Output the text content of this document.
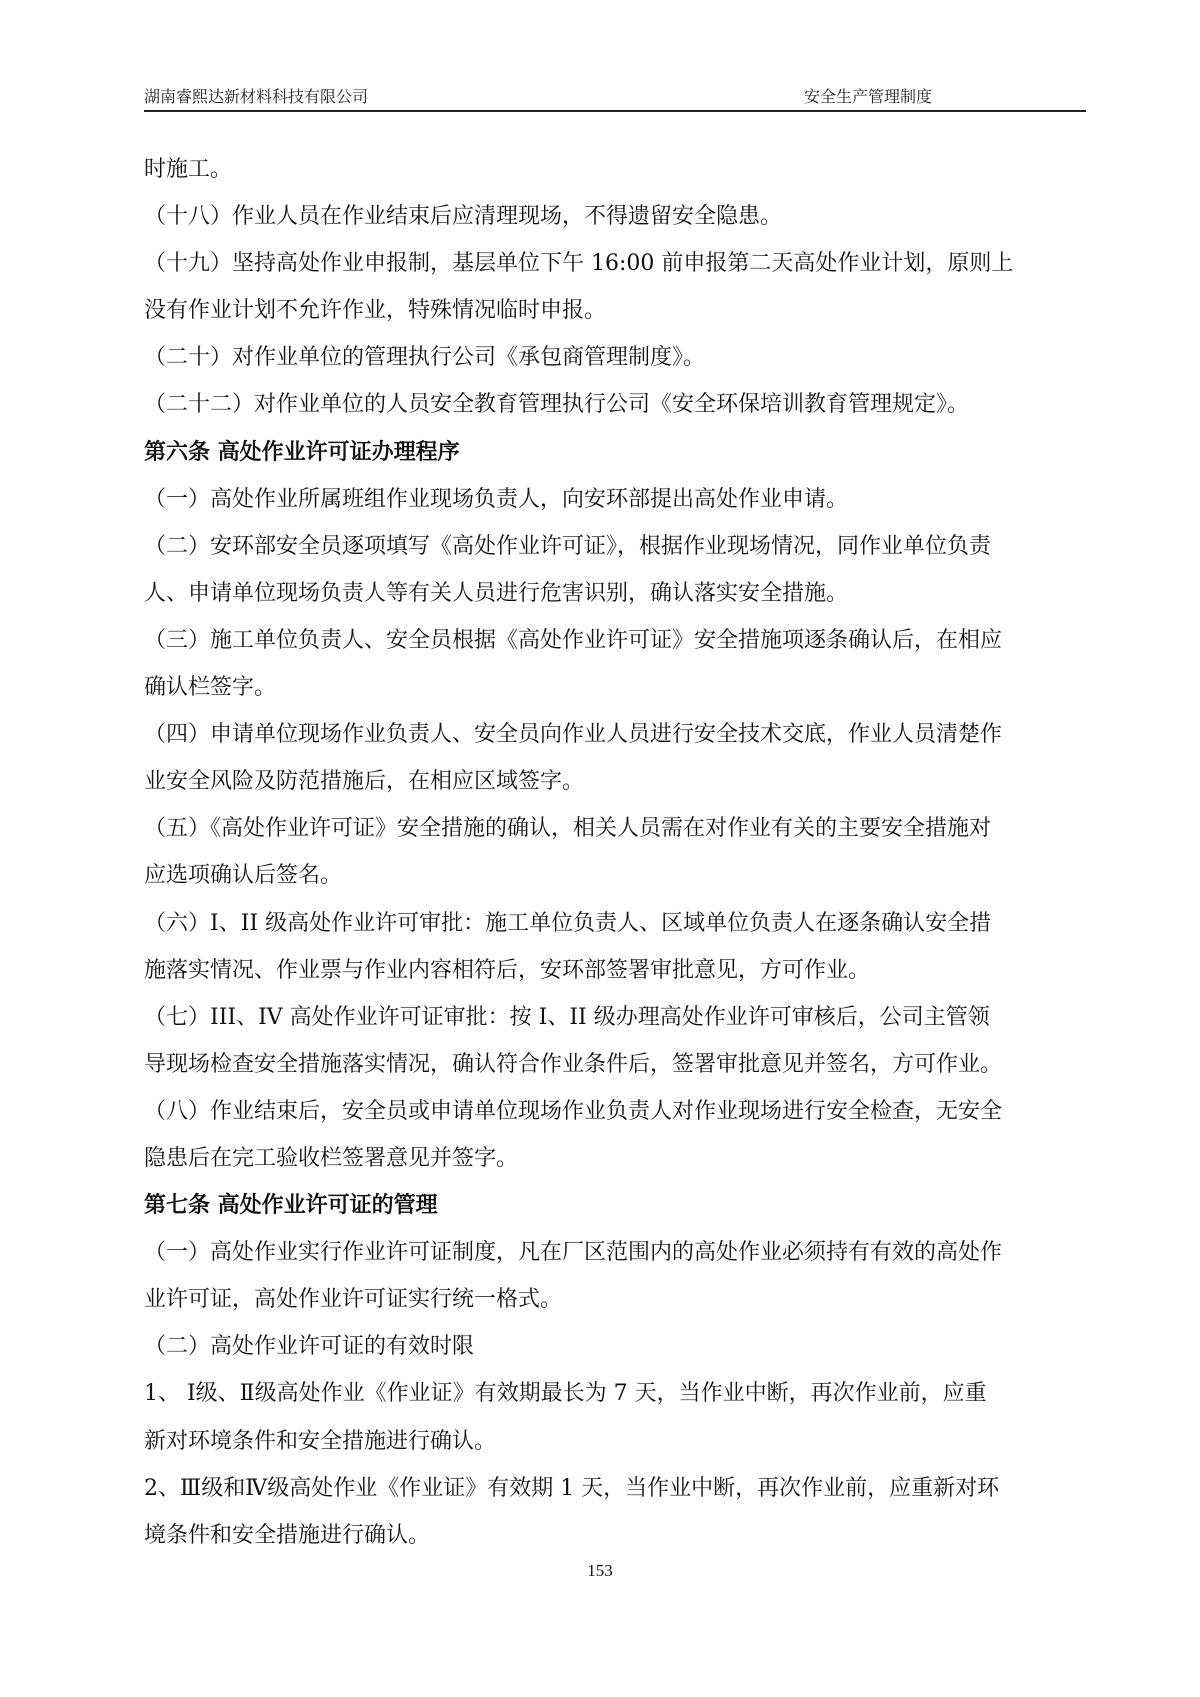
湖南睿熙达新材料科技有限公司	安全生产管理制度
时施工。
（十八）作业人员在作业结束后应清理现场，不得遗留安全隐患。
（十九）坚持高处作业申报制，基层单位下午 16:00 前申报第二天高处作业计划，原则上
没有作业计划不允许作业，特殊情况临时申报。
（二十）对作业单位的管理执行公司《承包商管理制度》。
（二十二）对作业单位的人员安全教育管理执行公司《安全环保培训教育管理规定》。
第六条 高处作业许可证办理程序
（一）高处作业所属班组作业现场负责人，向安环部提出高处作业申请。
（二）安环部安全员逐项填写《高处作业许可证》，根据作业现场情况，同作业单位负责
人、申请单位现场负责人等有关人员进行危害识别，确认落实安全措施。
（三）施工单位负责人、安全员根据《高处作业许可证》安全措施项逐条确认后，在相应
确认栏签字。
（四）申请单位现场作业负责人、安全员向作业人员进行安全技术交底，作业人员清楚作
业安全风险及防范措施后，在相应区域签字。
（五）《高处作业许可证》安全措施的确认，相关人员需在对作业有关的主要安全措施对
应选项确认后签名。
（六）I、II 级高处作业许可审批：施工单位负责人、区域单位负责人在逐条确认安全措
施落实情况、作业票与作业内容相符后，安环部签署审批意见，方可作业。
（七）III、IV 高处作业许可证审批：按 I、II 级办理高处作业许可审核后，公司主管领
导现场检查安全措施落实情况，确认符合作业条件后，签署审批意见并签名，方可作业。
（八）作业结束后，安全员或申请单位现场作业负责人对作业现场进行安全检查，无安全
隐患后在完工验收栏签署意见并签字。
第七条 高处作业许可证的管理
（一）高处作业实行作业许可证制度，凡在厂区范围内的高处作业必须持有有效的高处作
业许可证，高处作业许可证实行统一格式。
（二）高处作业许可证的有效时限
1、 Ⅰ级、Ⅱ级高处作业《作业证》有效期最长为 7 天，当作业中断，再次作业前，应重
新对环境条件和安全措施进行确认。
2、Ⅲ级和Ⅳ级高处作业《作业证》有效期 1 天，当作业中断，再次作业前，应重新对环
境条件和安全措施进行确认。
153
